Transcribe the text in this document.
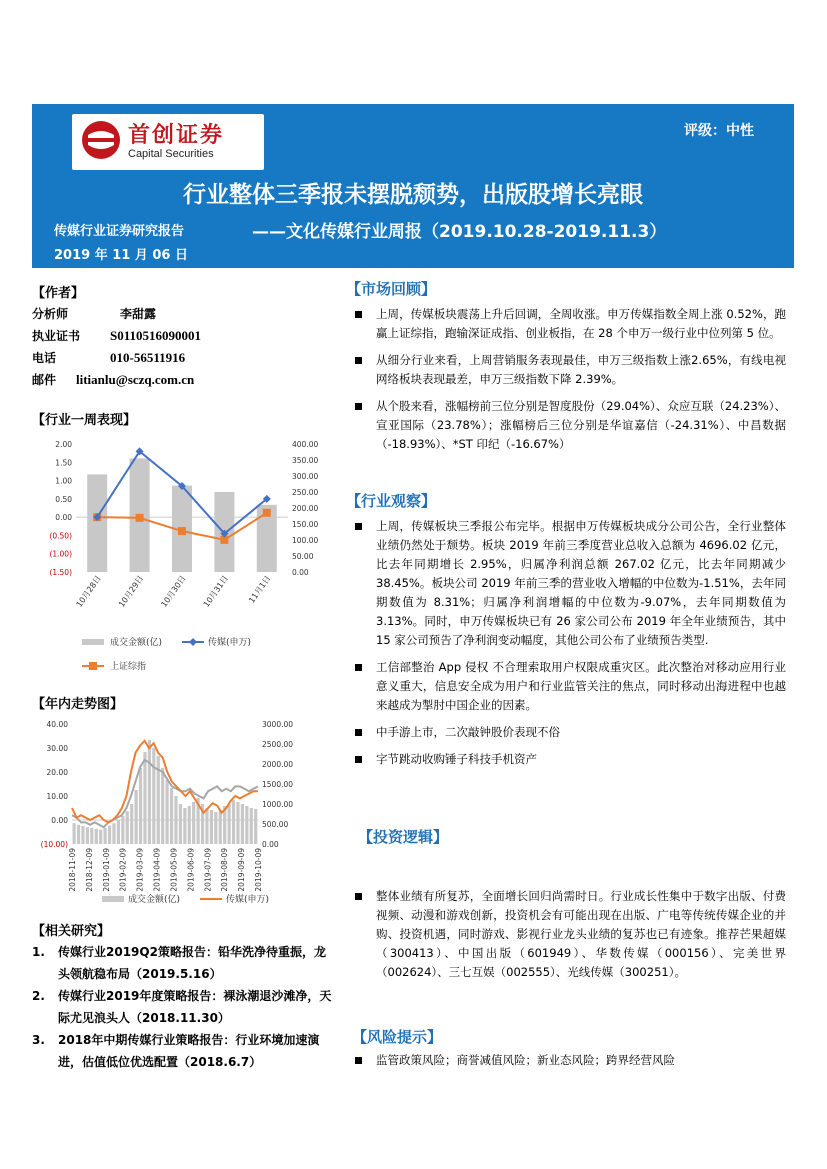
首创证券
Capital Securities
评级：中性
行业整体三季报未摆脱颓势，出版股增长亮眼
传媒行业证券研究报告	——文化传媒行业周报（2019.10.28-2019.11.3）
2019 年 11 月 06 日
【作者】
分析师	李甜露
执业证书 S0110516090001
电话	010-56511916
邮件 litianlu@sczq.com.cn
【行业一周表现】
2.00
1.50
1.00
0.50
0.00
(0.50)
(1.00)
(1.50)
400.00
350.00
300.00
250.00
200.00
150.00
100.00
50.00
0.00
10月28日 10月29日 10月30日 10月31日 11月1日
成交金额(亿)	传媒(申万)
上证综指
【年内走势图】
40.00
30.00
20.00
10.00
0.00
(10.00)
3000.00
2500.00
2000.00
1500.00
1000.00
500.00
0.00
2018-11-09 2018-12-09 2019-01-09 2019-02-09 2019-03-09 2019-04-09 2019-05-09 2019-06-09 2019-07-09 2019-08-09 2019-09-09 2019-10-09
成交金额(亿)	传媒(申万)
【相关研究】
1.	传媒行业2019Q2策略报告：铅华洗净待重振，龙头领航稳布局（2019.5.16）
2.	传媒行业2019年度策略报告：裸泳潮退沙滩净，天际尤见浪头人（2018.11.30）
3.	2018年中期传媒行业策略报告：行业环境加速演进，估值低位优选配置（2018.6.7）
【市场回顾】
上周，传媒板块震荡上升后回调，全周收涨。申万传媒指数全周上涨 0.52%，跑赢上证综指，跑输深证成指、创业板指，在 28 个申万一级行业中位列第 5 位。
从细分行业来看，上周营销服务表现最佳，申万三级指数上涨2.65%，有线电视网络板块表现最差，申万三级指数下降 2.39%。
从个股来看，涨幅榜前三位分别是智度股份（29.04%）、众应互联（24.23%）、宣亚国际（23.78%）；涨幅榜后三位分别是华谊嘉信（-24.31%）、中昌数据（-18.93%）、*ST 印纪（-16.67%）
【行业观察】
上周，传媒板块三季报公布完毕。根据申万传媒板块成分公司公告，全行业整体业绩仍然处于颓势。板块 2019 年前三季度营业总收入总额为 4696.02 亿元，比去年同期增长 2.95%，归属净利润总额 267.02 亿元，比去年同期减少 38.45%。板块公司 2019 年前三季的营业收入增幅的中位数为-1.51%，去年同期数值为 8.31%；归属净利润增幅的中位数为-9.07%，去年同期数值为 3.13%。同时，申万传媒板块已有 26 家公司公布 2019 年全年业绩预告，其中 15 家公司预告了净利润变动幅度，其他公司公布了业绩预告类型.
工信部整治 App 侵权 不合理索取用户权限成重灾区。此次整治对移动应用行业意义重大，信息安全成为用户和行业监管关注的焦点，同时移动出海进程中也越来越成为掣肘中国企业的因素。
中手游上市，二次敲钟股价表现不俗
字节跳动收购锤子科技手机资产
【投资逻辑】
整体业绩有所复苏，全面增长回归尚需时日。行业成长性集中于数字出版、付费视频、动漫和游戏创新，投资机会有可能出现在出版、广电等传统传媒企业的并购、投资机遇，同时游戏、影视行业龙头业绩的复苏也已有迹象。推荐芒果超媒（300413）、中国出版（601949）、华数传媒（000156）、完美世界（002624）、三七互娱（002555）、光线传媒（300251）。
【风险提示】
监管政策风险；商誉减值风险；新业态风险；跨界经营风险
